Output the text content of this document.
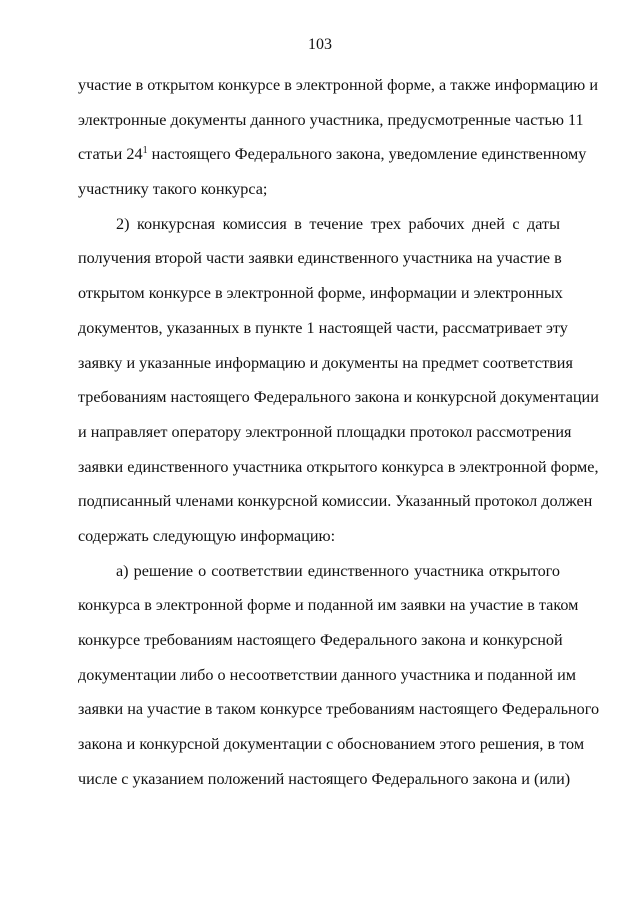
103
участие в открытом конкурсе в электронной форме, а также информацию и
электронные документы данного участника, предусмотренные частью 11
статьи $24^1$ настоящего Федерального закона, уведомление единственному
участнику такого конкурса;
2) конкурсная комиссия в течение трех рабочих дней с даты
получения второй части заявки единственного участника на участие в
открытом конкурсе в электронной форме, информации и электронных
документов, указанных в пункте 1 настоящей части, рассматривает эту
заявку и указанные информацию и документы на предмет соответствия
требованиям настоящего Федерального закона и конкурсной документации
и направляет оператору электронной площадки протокол рассмотрения
заявки единственного участника открытого конкурса в электронной форме,
подписанный членами конкурсной комиссии. Указанный протокол должен
содержать следующую информацию:
а) решение о соответствии единственного участника открытого
конкурса в электронной форме и поданной им заявки на участие в таком
конкурсе требованиям настоящего Федерального закона и конкурсной
документации либо о несоответствии данного участника и поданной им
заявки на участие в таком конкурсе требованиям настоящего Федерального
закона и конкурсной документации с обоснованием этого решения, в том
числе с указанием положений настоящего Федерального закона и (или)
